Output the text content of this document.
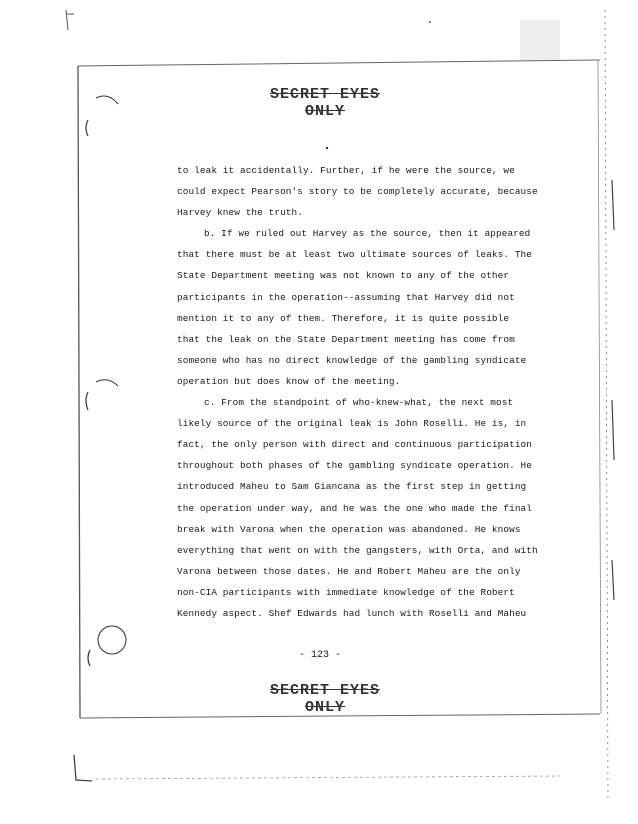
SECRET EYES ONLY
to leak it accidentally. Further, if he were the source, we
could expect Pearson's story to be completely accurate, because
Harvey knew the truth.
b. If we ruled out Harvey as the source, then it appeared
that there must be at least two ultimate sources of leaks. The
State Department meeting was not known to any of the other
participants in the operation--assuming that Harvey did not
mention it to any of them. Therefore, it is quite possible
that the leak on the State Department meeting has come from
someone who has no direct knowledge of the gambling syndicate
operation but does know of the meeting.
c. From the standpoint of who-knew-what, the next most
likely source of the original leak is John Roselli. He is, in
fact, the only person with direct and continuous participation
throughout both phases of the gambling syndicate operation. He
introduced Maheu to Sam Giancana as the first step in getting
the operation under way, and he was the one who made the final
break with Varona when the operation was abandoned. He knows
everything that went on with the gangsters, with Orta, and with
Varona between those dates. He and Robert Maheu are the only
non-CIA participants with immediate knowledge of the Robert
Kennedy aspect. Shef Edwards had lunch with Roselli and Maheu
- 123 -
SECRET EYES ONLY
